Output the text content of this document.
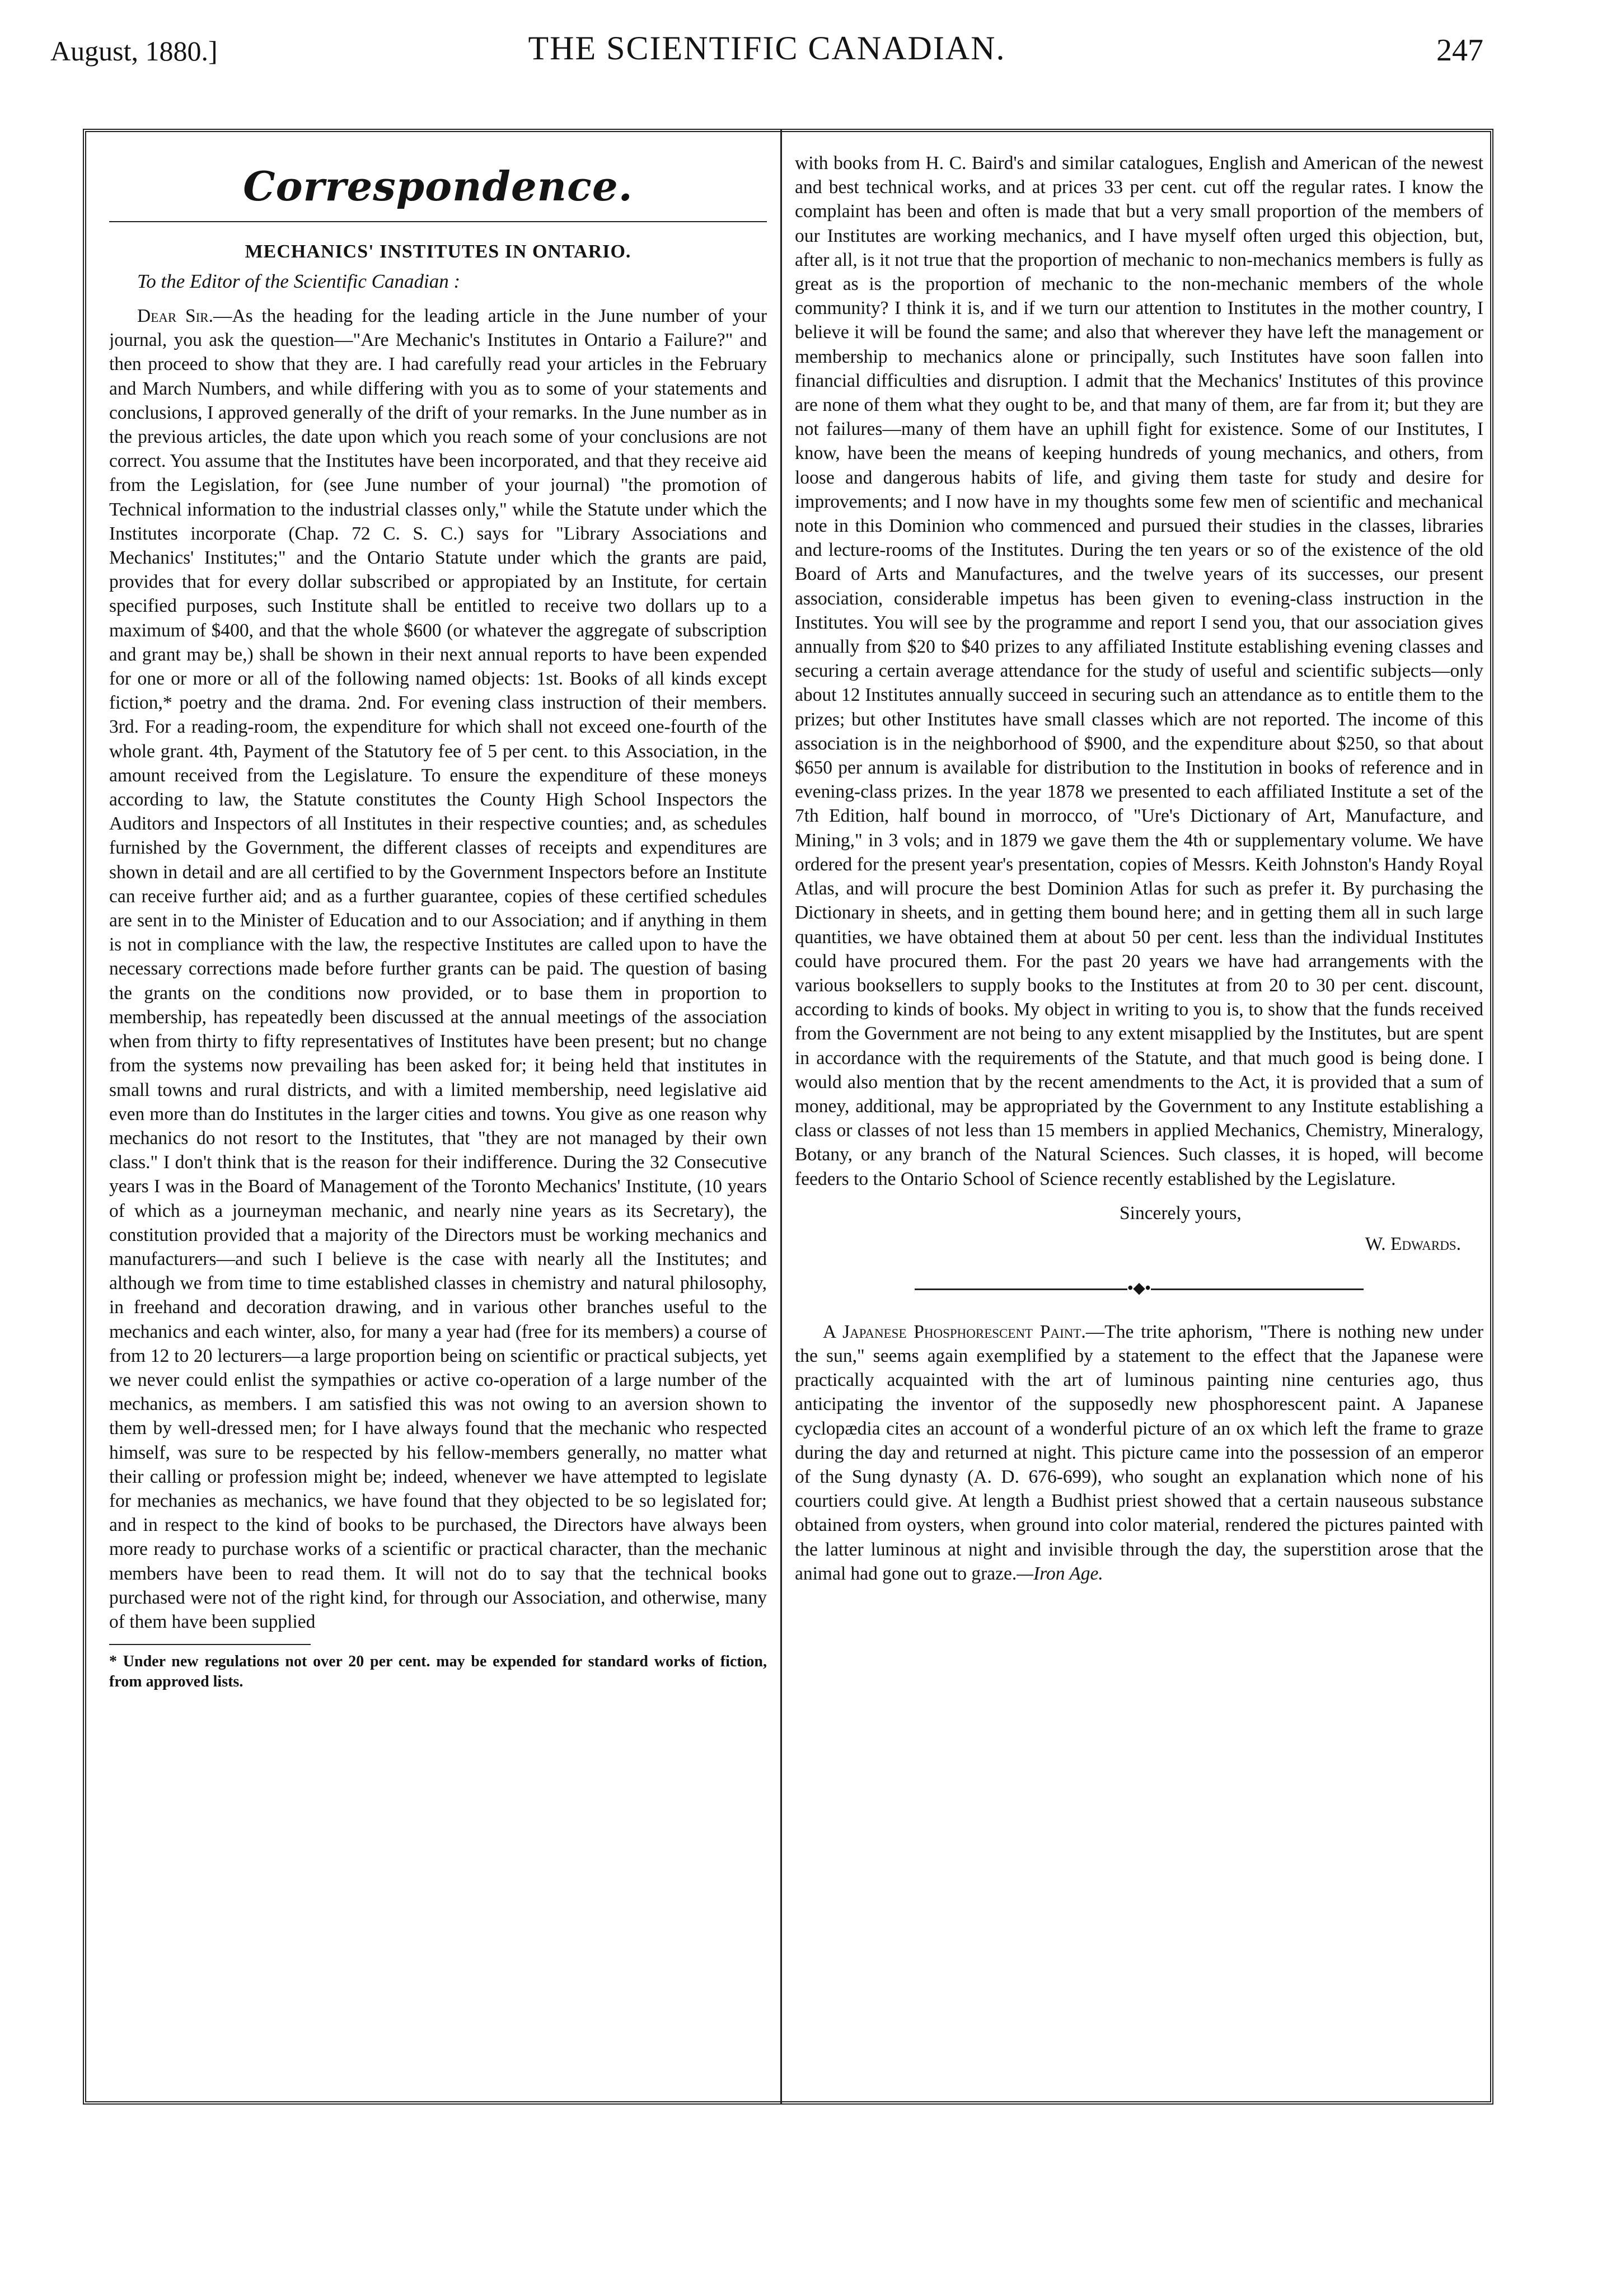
August, 1880.]	THE SCIENTIFIC CANADIAN.	247
Correspondence.
MECHANICS' INSTITUTES IN ONTARIO.
To the Editor of the Scientific Canadian :

Dear Sir.—As the heading for the leading article in the June number of your journal, you ask the question—"Are Mechanic's Institutes in Ontario a Failure?" and then proceed to show that they are. I had carefully read your articles in the February and March Numbers, and while differing with you as to some of your statements and conclusions, I approved generally of the drift of your remarks. In the June number as in the previous articles, the date upon which you reach some of your conclusions are not correct. You assume that the Institutes have been incorporated, and that they receive aid from the Legislation, for (see June number of your journal) "the promotion of Technical information to the industrial classes only," while the Statute under which the Institutes incorporate (Chap. 72 C. S. C.) says for "Library Associations and Mechanics' Institutes;" and the Ontario Statute under which the grants are paid, provides that for every dollar subscribed or appropiated by an Institute, for certain specified purposes, such Institute shall be entitled to receive two dollars up to a maximum of $400, and that the whole $600 (or whatever the aggregate of subscription and grant may be,) shall be shown in their next annual reports to have been expended for one or more or all of the following named objects: 1st. Books of all kinds except fiction,* poetry and the drama. 2nd. For evening class instruction of their members. 3rd. For a reading-room, the expenditure for which shall not exceed one-fourth of the whole grant. 4th, Payment of the Statutory fee of 5 per cent. to this Association, in the amount received from the Legislature. To ensure the expenditure of these moneys according to law, the Statute constitutes the County High School Inspectors the Auditors and Inspectors of all Institutes in their respective counties; and, as schedules furnished by the Government, the different classes of receipts and expenditures are shown in detail and are all certified to by the Government Inspectors before an Institute can receive further aid; and as a further guarantee, copies of these certified schedules are sent in to the Minister of Education and to our Association; and if anything in them is not in compliance with the law, the respective Institutes are called upon to have the necessary corrections made before further grants can be paid. The question of basing the grants on the conditions now provided, or to base them in proportion to membership, has repeatedly been discussed at the annual meetings of the association when from thirty to fifty representatives of Institutes have been present; but no change from the systems now prevailing has been asked for; it being held that institutes in small towns and rural districts, and with a limited membership, need legislative aid even more than do Institutes in the larger cities and towns. You give as one reason why mechanics do not resort to the Institutes, that "they are not managed by their own class." I don't think that is the reason for their indifference. During the 32 Consecutive years I was in the Board of Management of the Toronto Mechanics' Institute, (10 years of which as a journeyman mechanic, and nearly nine years as its Secretary), the constitution provided that a majority of the Directors must be working mechanics and manufacturers—and such I believe is the case with nearly all the Institutes; and although we from time to time established classes in chemistry and natural philosophy, in freehand and decoration drawing, and in various other branches useful to the mechanics and each winter, also, for many a year had (free for its members) a course of from 12 to 20 lecturers—a large proportion being on scientific or practical subjects, yet we never could enlist the sympathies or active co-operation of a large number of the mechanics, as members. I am satisfied this was not owing to an aversion shown to them by well-dressed men; for I have always found that the mechanic who respected himself, was sure to be respected by his fellow-members generally, no matter what their calling or profession might be; indeed, whenever we have attempted to legislate for mechanies as mechanics, we have found that they objected to be so legislated for; and in respect to the kind of books to be purchased, the Directors have always been more ready to purchase works of a scientific or practical character, than the mechanic members have been to read them. It will not do to say that the technical books purchased were not of the right kind, for through our Association, and otherwise, many of them have been supplied

* Under new regulations not over 20 per cent. may be expended for standard works of fiction, from approved lists.

with books from H. C. Baird's and similar catalogues, English and American of the newest and best technical works, and at prices 33 per cent. cut off the regular rates. I know the complaint has been and often is made that but a very small proportion of the members of our Institutes are working mechanics, and I have myself often urged this objection, but, after all, is it not true that the proportion of mechanic to non-mechanics members is fully as great as is the proportion of mechanic to the non-mechanic members of the whole community? I think it is, and if we turn our attention to Institutes in the mother country, I believe it will be found the same; and also that wherever they have left the management or membership to mechanics alone or principally, such Institutes have soon fallen into financial difficulties and disruption. I admit that the Mechanics' Institutes of this province are none of them what they ought to be, and that many of them, are far from it; but they are not failures—many of them have an uphill fight for existence. Some of our Institutes, I know, have been the means of keeping hundreds of young mechanics, and others, from loose and dangerous habits of life, and giving them taste for study and desire for improvements; and I now have in my thoughts some few men of scientific and mechanical note in this Dominion who commenced and pursued their studies in the classes, libraries and lecture-rooms of the Institutes. During the ten years or so of the existence of the old Board of Arts and Manufactures, and the twelve years of its successes, our present association, considerable impetus has been given to evening-class instruction in the Institutes. You will see by the programme and report I send you, that our association gives annually from $20 to $40 prizes to any affiliated Institute establishing evening classes and securing a certain average attendance for the study of useful and scientific subjects—only about 12 Institutes annually succeed in securing such an attendance as to entitle them to the prizes; but other Institutes have small classes which are not reported. The income of this association is in the neighborhood of $900, and the expenditure about $250, so that about $650 per annum is available for distribution to the Institution in books of reference and in evening-class prizes. In the year 1878 we presented to each affiliated Institute a set of the 7th Edition, half bound in morrocco, of "Ure's Dictionary of Art, Manufacture, and Mining," in 3 vols; and in 1879 we gave them the 4th or supplementary volume. We have ordered for the present year's presentation, copies of Messrs. Keith Johnston's Handy Royal Atlas, and will procure the best Dominion Atlas for such as prefer it. By purchasing the Dictionary in sheets, and in getting them bound here; and in getting them all in such large quantities, we have obtained them at about 50 per cent. less than the individual Institutes could have procured them. For the past 20 years we have had arrangements with the various booksellers to supply books to the Institutes at from 20 to 30 per cent. discount, according to kinds of books. My object in writing to you is, to show that the funds received from the Government are not being to any extent misapplied by the Institutes, but are spent in accordance with the requirements of the Statute, and that much good is being done. I would also mention that by the recent amendments to the Act, it is provided that a sum of money, additional, may be appropriated by the Government to any Institute establishing a class or classes of not less than 15 members in applied Mechanics, Chemistry, Mineralogy, Botany, or any branch of the Natural Sciences. Such classes, it is hoped, will become feeders to the Ontario School of Science recently established by the Legislature.

Sincerely yours,
W. Edwards.
•◆•

A Japanese Phosphorescent Paint.—The trite aphorism, "There is nothing new under the sun," seems again exemplified by a statement to the effect that the Japanese were practically acquainted with the art of luminous painting nine centuries ago, thus anticipating the inventor of the supposedly new phosphorescent paint. A Japanese cyclopædia cites an account of a wonderful picture of an ox which left the frame to graze during the day and returned at night. This picture came into the possession of an emperor of the Sung dynasty (A. D. 676-699), who sought an explanation which none of his courtiers could give. At length a Budhist priest showed that a certain nauseous substance obtained from oysters, when ground into color material, rendered the pictures painted with the latter luminous at night and invisible through the day, the superstition arose that the animal had gone out to graze.—Iron Age.
